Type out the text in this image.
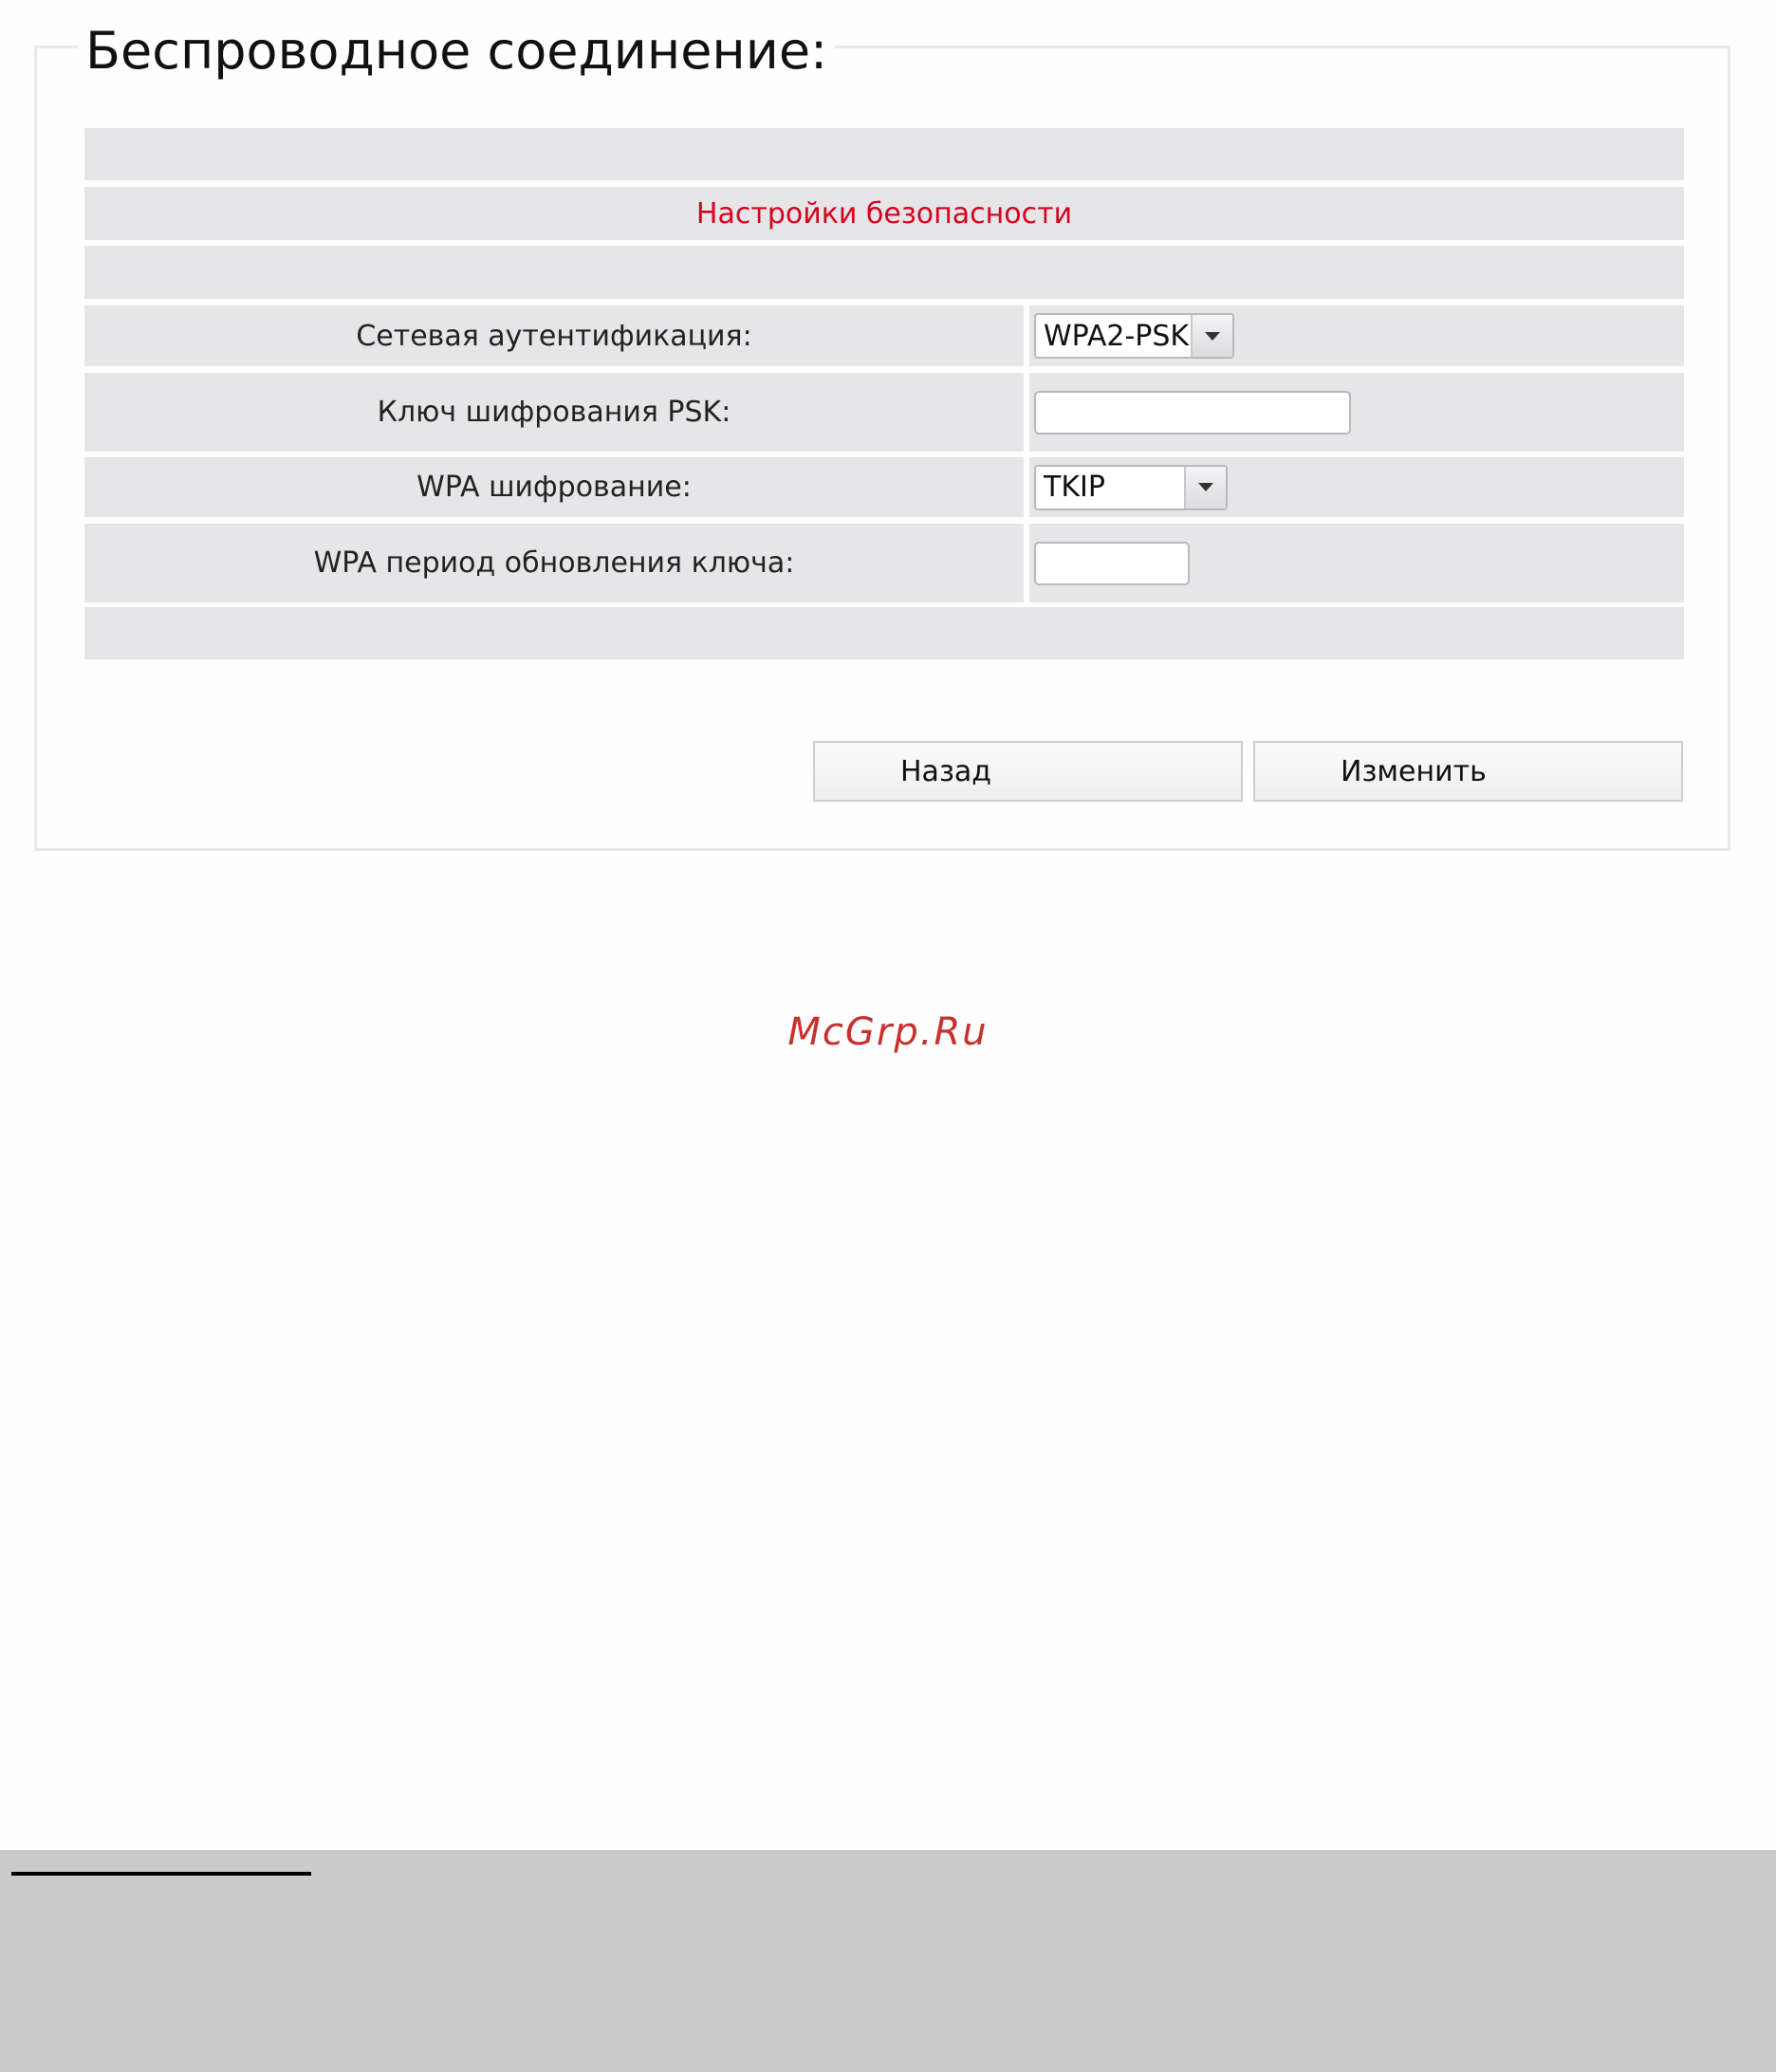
Беспроводное соединение:
Настройки безопасности
Сетевая аутентификация:	WPA2-PSK
Ключ шифрования PSK:
WPA шифрование:	TKIP
WPA период обновления ключа:
Назад	Изменить
McGrp.Ru
